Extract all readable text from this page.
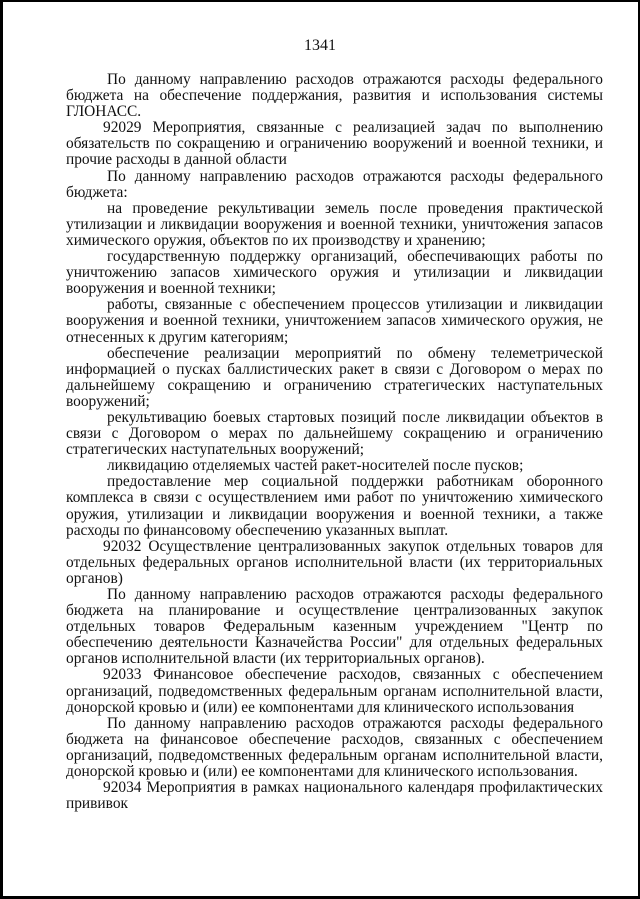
1341

По данному направлению расходов отражаются расходы федерального бюджета на обеспечение поддержания, развития и использования системы ГЛОНАСС.

92029 Мероприятия, связанные с реализацией задач по выполнению обязательств по сокращению и ограничению вооружений и военной техники, и прочие расходы в данной области

По данному направлению расходов отражаются расходы федерального бюджета:

на проведение рекультивации земель после проведения практической утилизации и ликвидации вооружения и военной техники, уничтожения запасов химического оружия, объектов по их производству и хранению;

государственную поддержку организаций, обеспечивающих работы по уничтожению запасов химического оружия и утилизации и ликвидации вооружения и военной техники;

работы, связанные с обеспечением процессов утилизации и ликвидации вооружения и военной техники, уничтожением запасов химического оружия, не отнесенных к другим категориям;

обеспечение реализации мероприятий по обмену телеметрической информацией о пусках баллистических ракет в связи с Договором о мерах по дальнейшему сокращению и ограничению стратегических наступательных вооружений;

рекультивацию боевых стартовых позиций после ликвидации объектов в связи с Договором о мерах по дальнейшему сокращению и ограничению стратегических наступательных вооружений;

ликвидацию отделяемых частей ракет-носителей после пусков;

предоставление мер социальной поддержки работникам оборонного комплекса в связи с осуществлением ими работ по уничтожению химического оружия, утилизации и ликвидации вооружения и военной техники, а также расходы по финансовому обеспечению указанных выплат.

92032 Осуществление централизованных закупок отдельных товаров для отдельных федеральных органов исполнительной власти (их территориальных органов)

По данному направлению расходов отражаются расходы федерального бюджета на планирование и осуществление централизованных закупок отдельных товаров Федеральным казенным учреждением "Центр по обеспечению деятельности Казначейства России" для отдельных федеральных органов исполнительной власти (их территориальных органов).

92033 Финансовое обеспечение расходов, связанных с обеспечением организаций, подведомственных федеральным органам исполнительной власти, донорской кровью и (или) ее компонентами для клинического использования

По данному направлению расходов отражаются расходы федерального бюджета на финансовое обеспечение расходов, связанных с обеспечением организаций, подведомственных федеральным органам исполнительной власти, донорской кровью и (или) ее компонентами для клинического использования.

92034 Мероприятия в рамках национального календаря профилактических прививок
